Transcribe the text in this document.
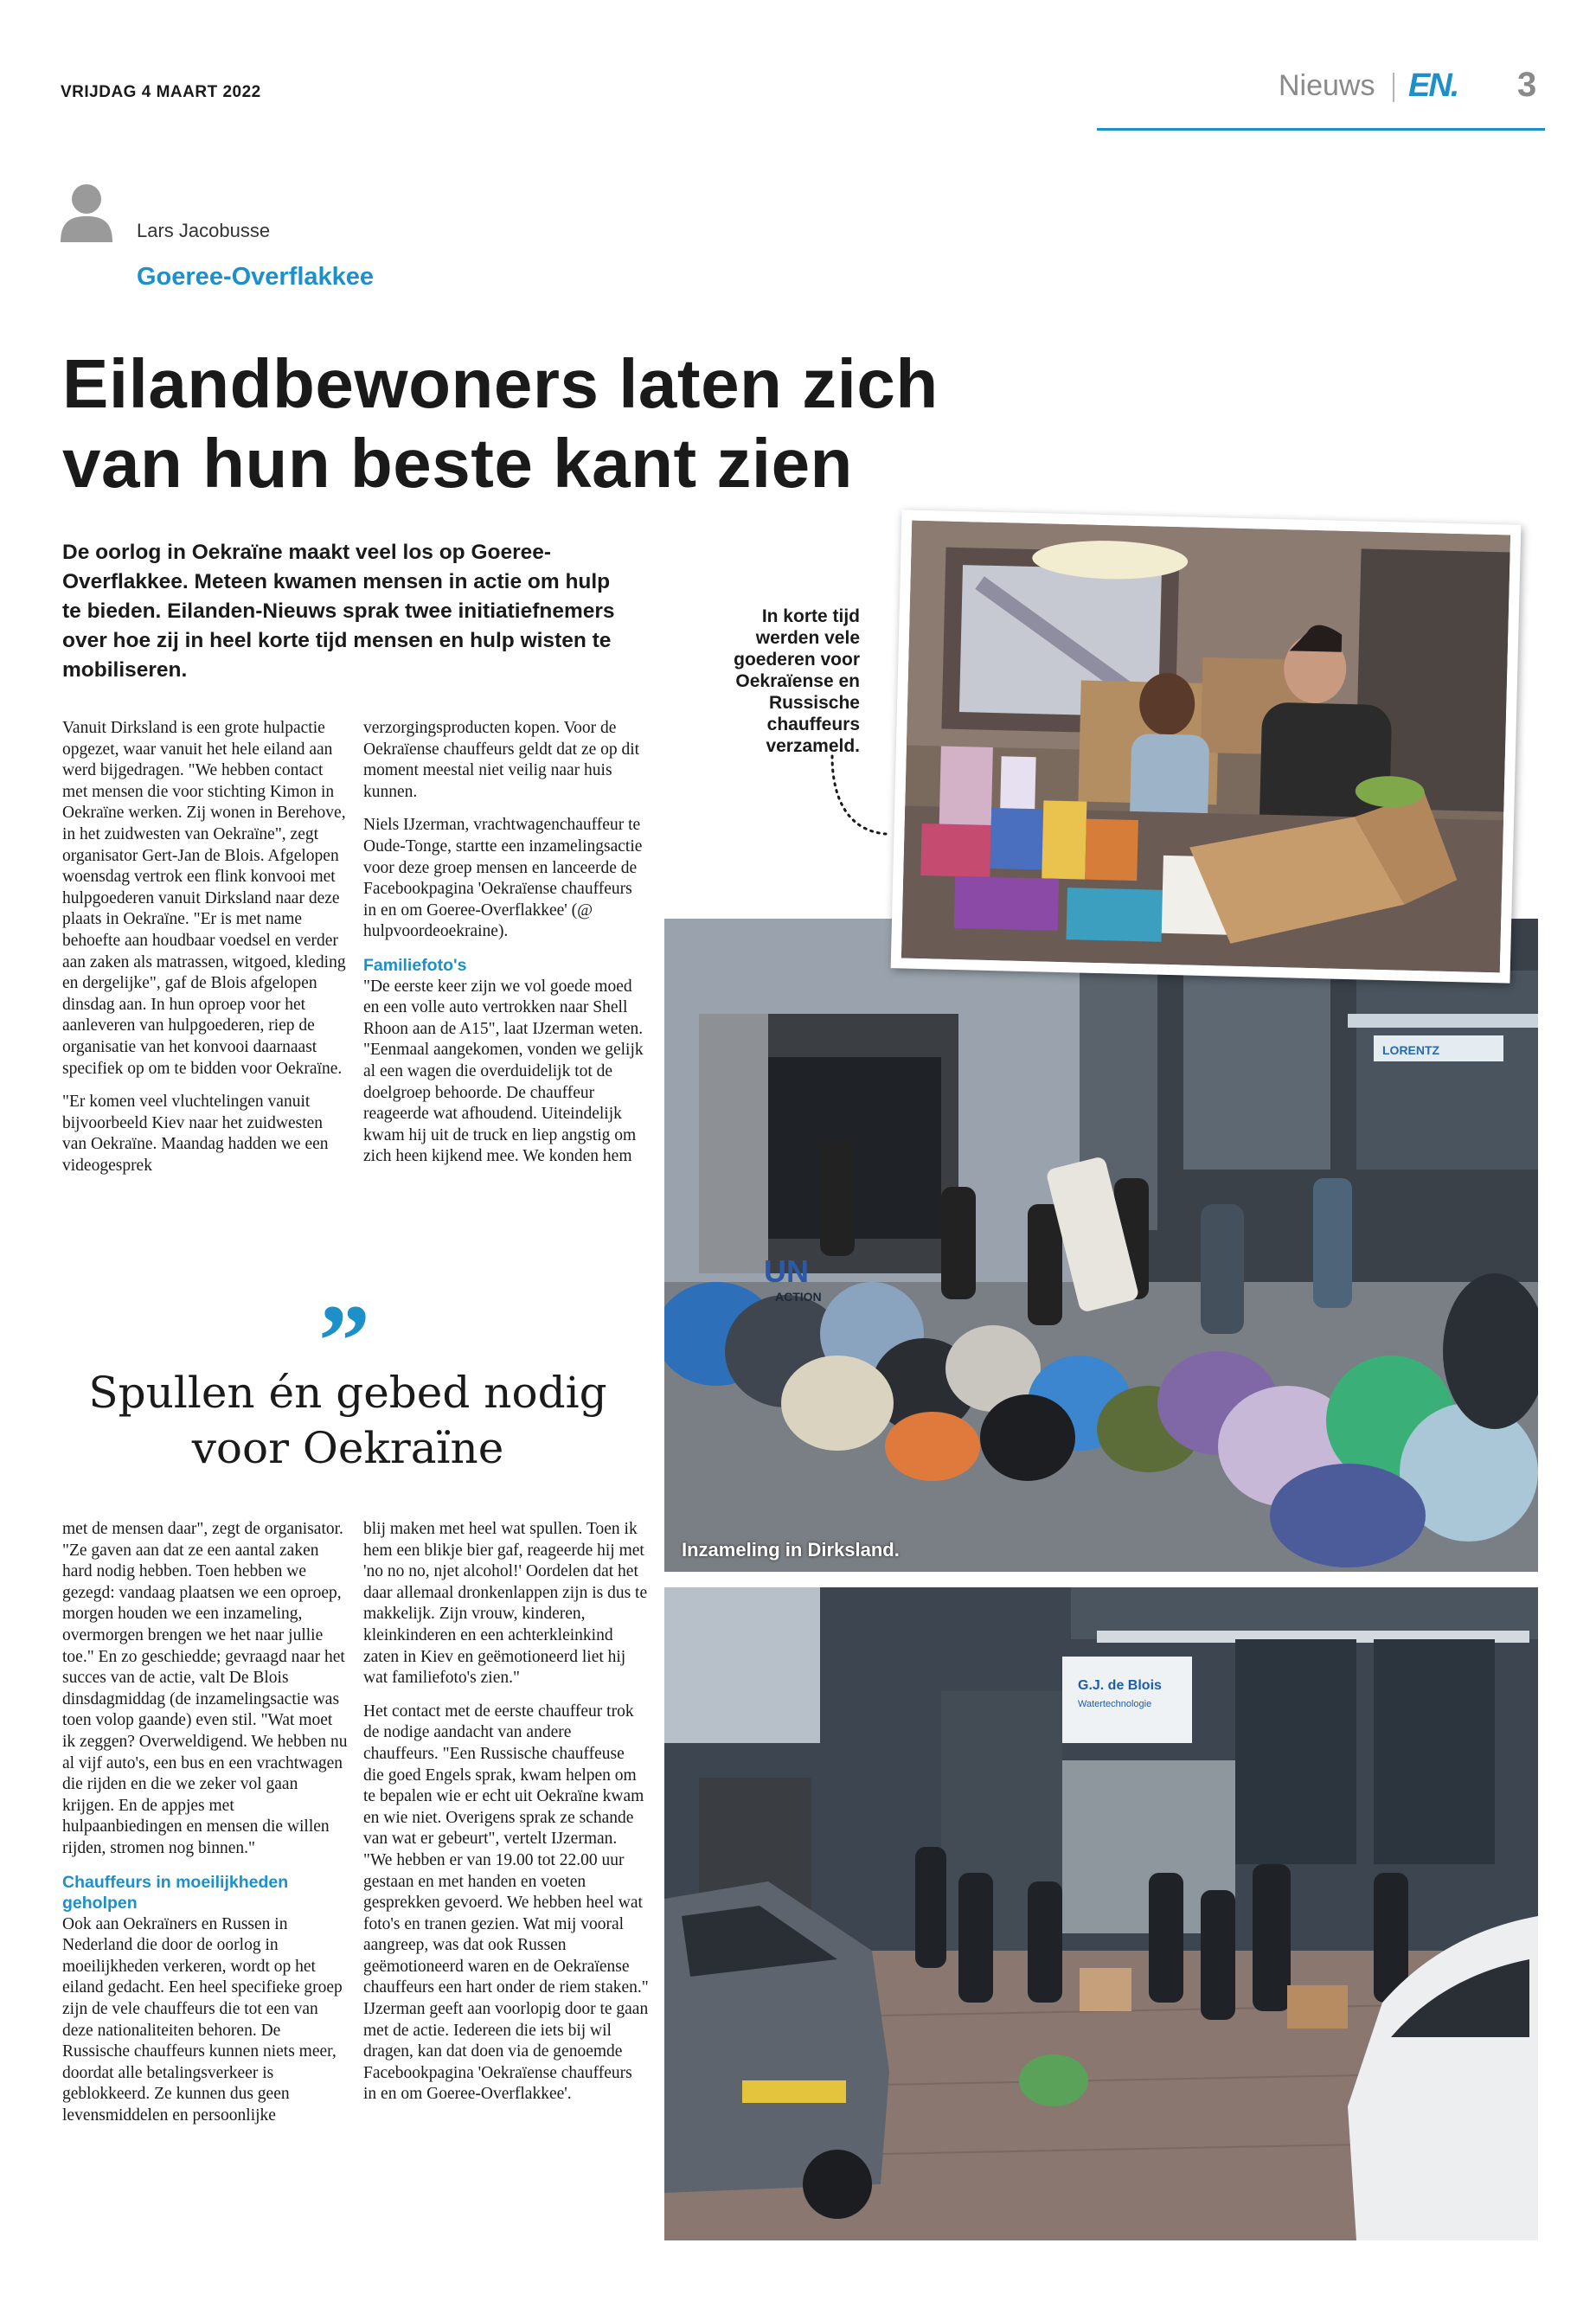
VRIJDAG 4 MAART 2022	Nieuws EN. 3
Lars Jacobusse
Goeree-Overflakkee
Eilandbewoners laten zich
van hun beste kant zien
De oorlog in Oekraïne maakt veel los op Goeree-Overflakkee. Meteen kwamen mensen in actie om hulp te bieden. Eilanden-Nieuws sprak twee initiatiefnemers over hoe zij in heel korte tijd mensen en hulp wisten te mobiliseren.

Vanuit Dirksland is een grote hulpactie opgezet, waar vanuit het hele eiland aan werd bijgedragen. "We hebben contact met mensen die voor stichting Kimon in Oekraïne werken. Zij wonen in Berehove, in het zuidwesten van Oekraïne", zegt organisator Gert-Jan de Blois. Afgelopen woensdag vertrok een flink konvooi met hulpgoederen vanuit Dirksland naar deze plaats in Oekraïne. "Er is met name behoefte aan houdbaar voedsel en verder aan zaken als matrassen, witgoed, kleding en dergelijke", gaf de Blois afgelopen dinsdag aan. In hun oproep voor het aanleveren van hulpgoederen, riep de organisatie van het konvooi daarnaast specifiek op om te bidden voor Oekraïne.

"Er komen veel vluchtelingen vanuit bijvoorbeeld Kiev naar het zuidwesten van Oekraïne. Maandag hadden we een videogesprek

verzorgingsproducten kopen. Voor de Oekraïense chauffeurs geldt dat ze op dit moment meestal niet veilig naar huis kunnen.

Niels IJzerman, vrachtwagenchauffeur te Oude-Tonge, startte een inzamelingsactie voor deze groep mensen en lanceerde de Facebookpagina 'Oekraïense chauffeurs in en om Goeree-Overflakkee' (@ hulpvoordeoekraine).

Familiefoto's

"De eerste keer zijn we vol goede moed en een volle auto vertrokken naar Shell Rhoon aan de A15", laat IJzerman weten. "Eenmaal aangekomen, vonden we gelijk al een wagen die overduidelijk tot de doelgroep behoorde. De chauffeur reageerde wat afhoudend. Uiteindelijk kwam hij uit de truck en liep angstig om zich heen kijkend mee. We konden hem

”
Spullen én gebed nodig voor Oekraïne

met de mensen daar", zegt de organisator. "Ze gaven aan dat ze een aantal zaken hard nodig hebben. Toen hebben we gezegd: vandaag plaatsen we een oproep, morgen houden we een inzameling, overmorgen brengen we het naar jullie toe." En zo geschiedde; gevraagd naar het succes van de actie, valt De Blois dinsdagmiddag (de inzamelingsactie was toen volop gaande) even stil. "Wat moet ik zeggen? Overweldigend. We hebben nu al vijf auto's, een bus en een vrachtwagen die rijden en die we zeker vol gaan krijgen. En de appjes met hulpaanbiedingen en mensen die willen rijden, stromen nog binnen."

Chauffeurs in moeilijkheden geholpen

Ook aan Oekraïners en Russen in Nederland die door de oorlog in moeilijkheden verkeren, wordt op het eiland gedacht. Een heel specifieke groep zijn de vele chauffeurs die tot een van deze nationaliteiten behoren. De Russische chauffeurs kunnen niets meer, doordat alle betalingsverkeer is geblokkeerd. Ze kunnen dus geen levensmiddelen en persoonlijke

blij maken met heel wat spullen. Toen ik hem een blikje bier gaf, reageerde hij met 'no no no, njet alcohol!' Oordelen dat het daar allemaal dronkenlappen zijn is dus te makkelijk. Zijn vrouw, kinderen, kleinkinderen en een achterkleinkind zaten in Kiev en geëmotioneerd liet hij wat familiefoto's zien."

Het contact met de eerste chauffeur trok de nodige aandacht van andere chauffeurs. "Een Russische chauffeuse die goed Engels sprak, kwam helpen om te bepalen wie er echt uit Oekraïne kwam en wie niet. Overigens sprak ze schande van wat er gebeurt", vertelt IJzerman. "We hebben er van 19.00 tot 22.00 uur gestaan en met handen en voeten gesprekken gevoerd. We hebben heel wat foto's en tranen gezien. Wat mij vooral aangreep, was dat ook Russen geëmotioneerd waren en de Oekraïense chauffeurs een hart onder de riem staken." IJzerman geeft aan voorlopig door te gaan met de actie. Iedereen die iets bij wil dragen, kan dat doen via de genoemde Facebookpagina 'Oekraïense chauffeurs in en om Goeree-Overflakkee'.

In korte tijd werden vele goederen voor Oekraïense en Russische chauffeurs verzameld.
LORENTZ
UN
ACTION
Inzameling in Dirksland.
G.J. de Blois
Watertechnologie
